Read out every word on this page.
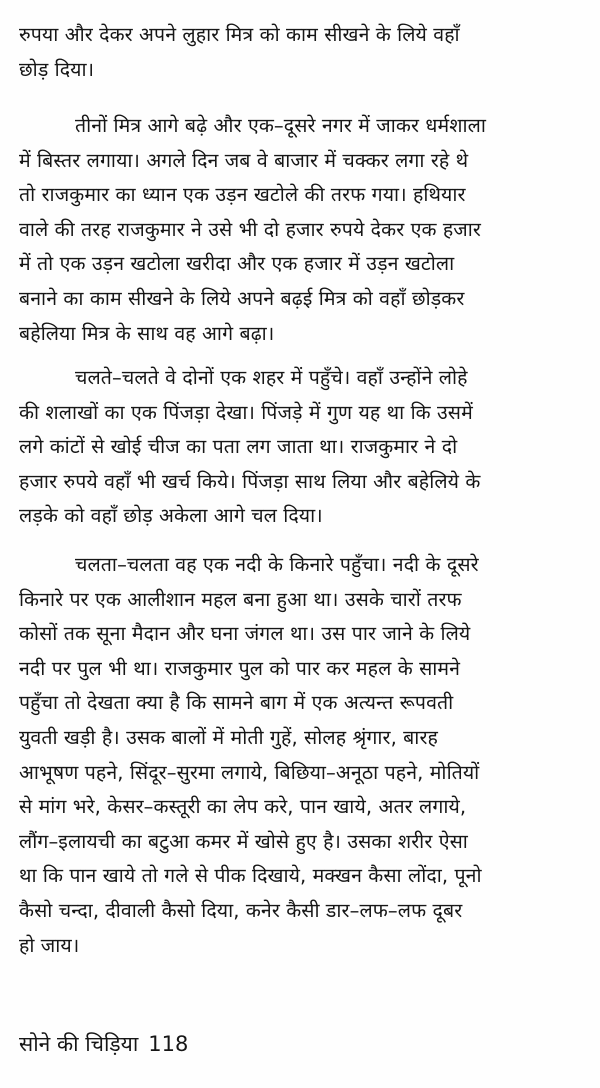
रुपया और देकर अपने लुहार मित्र को काम सीखने के लिये वहाँ
छोड़ दिया।
तीनों मित्र आगे बढ़े और एक–दूसरे नगर में जाकर धर्मशाला
में बिस्तर लगाया। अगले दिन जब वे बाजार में चक्कर लगा रहे थे
तो राजकुमार का ध्यान एक उड़न खटोले की तरफ गया। हथियार
वाले की तरह राजकुमार ने उसे भी दो हजार रुपये देकर एक हजार
में तो एक उड़न खटोला खरीदा और एक हजार में उड़न खटोला
बनाने का काम सीखने के लिये अपने बढ़ई मित्र को वहाँ छोड़कर
बहेलिया मित्र के साथ वह आगे बढ़ा।
चलते–चलते वे दोनों एक शहर में पहुँचे। वहाँ उन्होंने लोहे
की शलाखों का एक पिंजड़ा देखा। पिंजड़े में गुण यह था कि उसमें
लगे कांटों से खोई चीज का पता लग जाता था। राजकुमार ने दो
हजार रुपये वहाँ भी खर्च किये। पिंजड़ा साथ लिया और बहेलिये के
लड़के को वहाँ छोड़ अकेला आगे चल दिया।
चलता–चलता वह एक नदी के किनारे पहुँचा। नदी के दूसरे
किनारे पर एक आलीशान महल बना हुआ था। उसके चारों तरफ
कोसों तक सूना मैदान और घना जंगल था। उस पार जाने के लिये
नदी पर पुल भी था। राजकुमार पुल को पार कर महल के सामने
पहुँचा तो देखता क्या है कि सामने बाग में एक अत्यन्त रूपवती
युवती खड़ी है। उसक बालों में मोती गुहें, सोलह श्रृंगार, बारह
आभूषण पहने, सिंदूर–सुरमा लगाये, बिछिया–अनूठा पहने, मोतियों
से मांग भरे, केसर–कस्तूरी का लेप करे, पान खाये, अतर लगाये,
लौंग–इलायची का बटुआ कमर में खोसे हुए है। उसका शरीर ऐसा
था कि पान खाये तो गले से पीक दिखाये, मक्खन कैसा लोंदा, पूनो
कैसो चन्दा, दीवाली कैसो दिया, कनेर कैसी डार–लफ–लफ दूबर
हो जाय।
सोने की चिड़िया 118
